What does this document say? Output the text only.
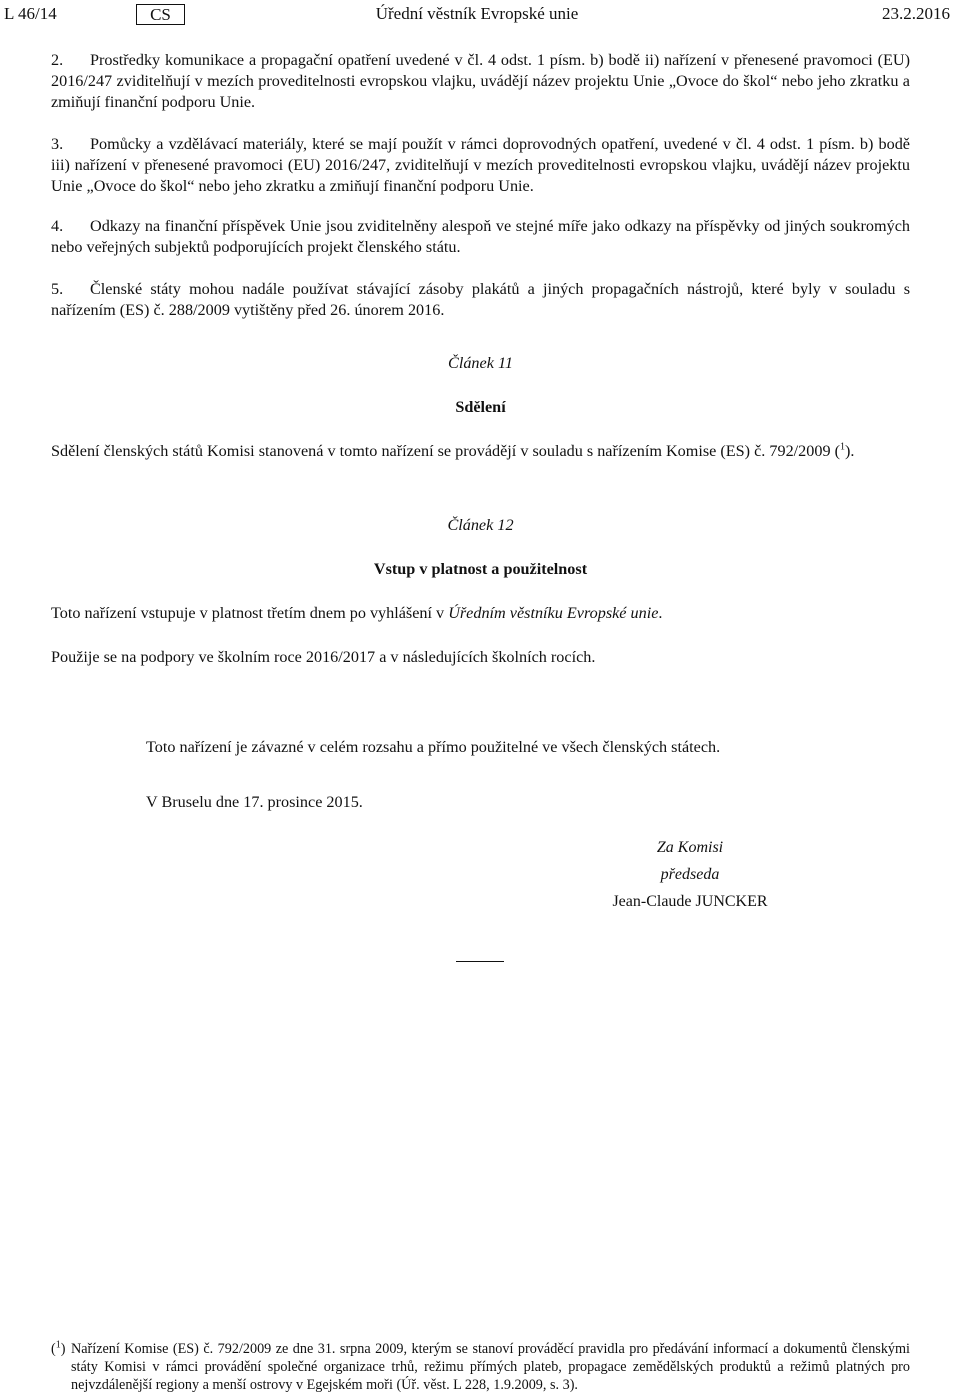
L 46/14	CS	Úřední věstník Evropské unie	23.2.2016

2. Prostředky komunikace a propagační opatření uvedené v čl. 4 odst. 1 písm. b) bodě ii) nařízení v přenesené pravomoci (EU) 2016/247 zviditelňují v mezích proveditelnosti evropskou vlajku, uvádějí název projektu Unie „Ovoce do škol“ nebo jeho zkratku a zmiňují finanční podporu Unie.

3. Pomůcky a vzdělávací materiály, které se mají použít v rámci doprovodných opatření, uvedené v čl. 4 odst. 1 písm. b) bodě iii) nařízení v přenesené pravomoci (EU) 2016/247, zviditelňují v mezích proveditelnosti evropskou vlajku, uvádějí název projektu Unie „Ovoce do škol“ nebo jeho zkratku a zmiňují finanční podporu Unie.

4. Odkazy na finanční příspěvek Unie jsou zviditelněny alespoň ve stejné míře jako odkazy na příspěvky od jiných soukromých nebo veřejných subjektů podporujících projekt členského státu.

5. Členské státy mohou nadále používat stávající zásoby plakátů a jiných propagačních nástrojů, které byly v souladu s nařízením (ES) č. 288/2009 vytištěny před 26. únorem 2016.

Článek 11
Sdělení
Sdělení členských států Komisi stanovená v tomto nařízení se provádějí v souladu s nařízením Komise (ES) č. 792/2009 ($^1$).
Článek 12
Vstup v platnost a použitelnost
Toto nařízení vstupuje v platnost třetím dnem po vyhlášení v Úředním věstníku Evropské unie.
Použije se na podpory ve školním roce 2016/2017 a v následujících školních rocích.
Toto nařízení je závazné v celém rozsahu a přímo použitelné ve všech členských státech.
V Bruselu dne 17. prosince 2015.
Za Komisi
předseda
Jean-Claude JUNCKER
($^1$) Nařízení Komise (ES) č. 792/2009 ze dne 31. srpna 2009, kterým se stanoví prováděcí pravidla pro předávání informací a dokumentů členskými státy Komisi v rámci provádění společné organizace trhů, režimu přímých plateb, propagace zemědělských produktů a režimů platných pro nejvzdálenější regiony a menší ostrovy v Egejském moři (Úř. věst. L 228, 1.9.2009, s. 3).
